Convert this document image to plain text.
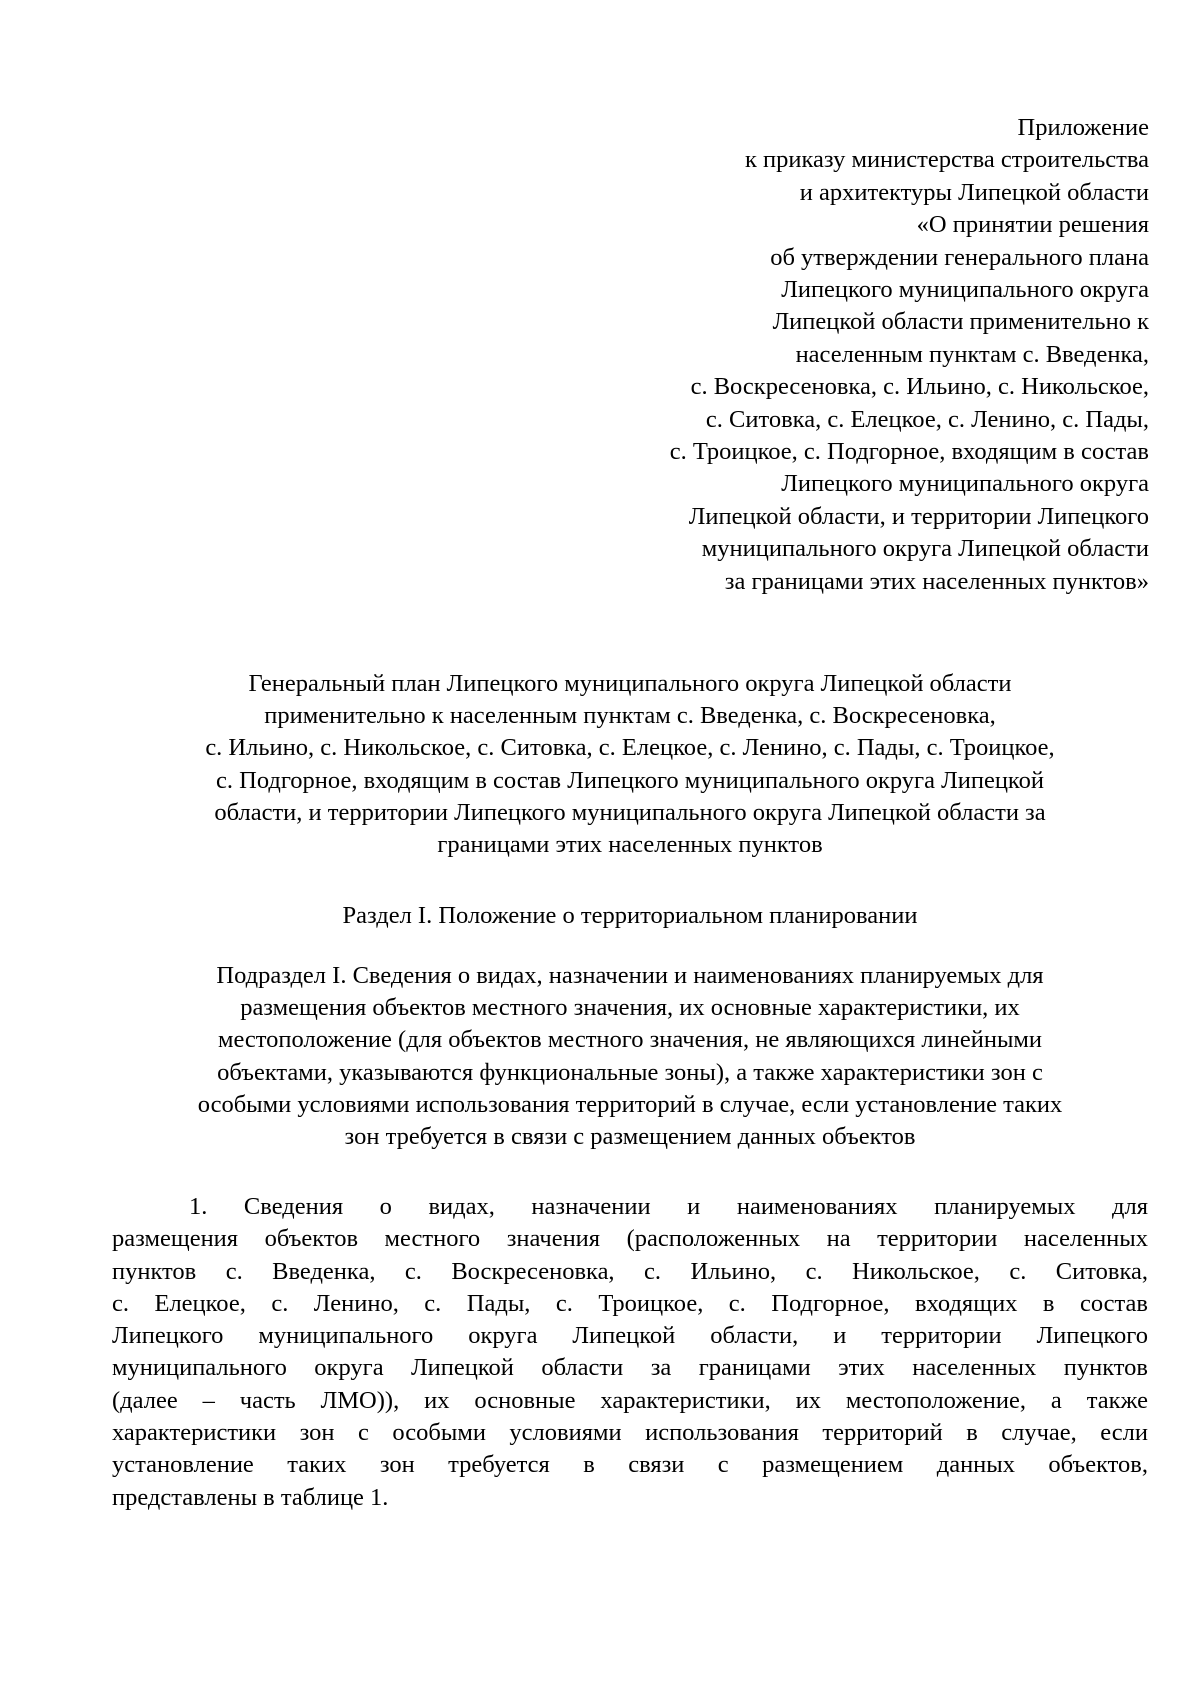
Приложение
к приказу министерства строительства
и архитектуры Липецкой области
«О принятии решения
об утверждении генерального плана
Липецкого муниципального округа
Липецкой области применительно к
населенным пунктам с. Введенка,
с. Воскресеновка, с. Ильино, с. Никольское,
с. Ситовка, с. Елецкое, с. Ленино, с. Пады,
с. Троицкое, с. Подгорное, входящим в состав
Липецкого муниципального округа
Липецкой области, и территории Липецкого
муниципального округа Липецкой области
за границами этих населенных пунктов»
Генеральный план Липецкого муниципального округа Липецкой области
применительно к населенным пунктам с. Введенка, с. Воскресеновка,
с. Ильино, с. Никольское, с. Ситовка, с. Елецкое, с. Ленино, с. Пады, с. Троицкое,
с. Подгорное, входящим в состав Липецкого муниципального округа Липецкой
области, и территории Липецкого муниципального округа Липецкой области за
границами этих населенных пунктов
Раздел I. Положение о территориальном планировании
Подраздел I. Сведения о видах, назначении и наименованиях планируемых для
размещения объектов местного значения, их основные характеристики, их
местоположение (для объектов местного значения, не являющихся линейными
объектами, указываются функциональные зоны), а также характеристики зон с
особыми условиями использования территорий в случае, если установление таких
зон требуется в связи с размещением данных объектов
1. Сведения о видах, назначении и наименованиях планируемых для
размещения объектов местного значения (расположенных на территории населенных
пунктов с. Введенка, с. Воскресеновка, с. Ильино, с. Никольское, с. Ситовка,
с. Елецкое, с. Ленино, с. Пады, с. Троицкое, с. Подгорное, входящих в состав
Липецкого муниципального округа Липецкой области, и территории Липецкого
муниципального округа Липецкой области за границами этих населенных пунктов
(далее – часть ЛМО)), их основные характеристики, их местоположение, а также
характеристики зон с особыми условиями использования территорий в случае, если
установление таких зон требуется в связи с размещением данных объектов,
представлены в таблице 1.
